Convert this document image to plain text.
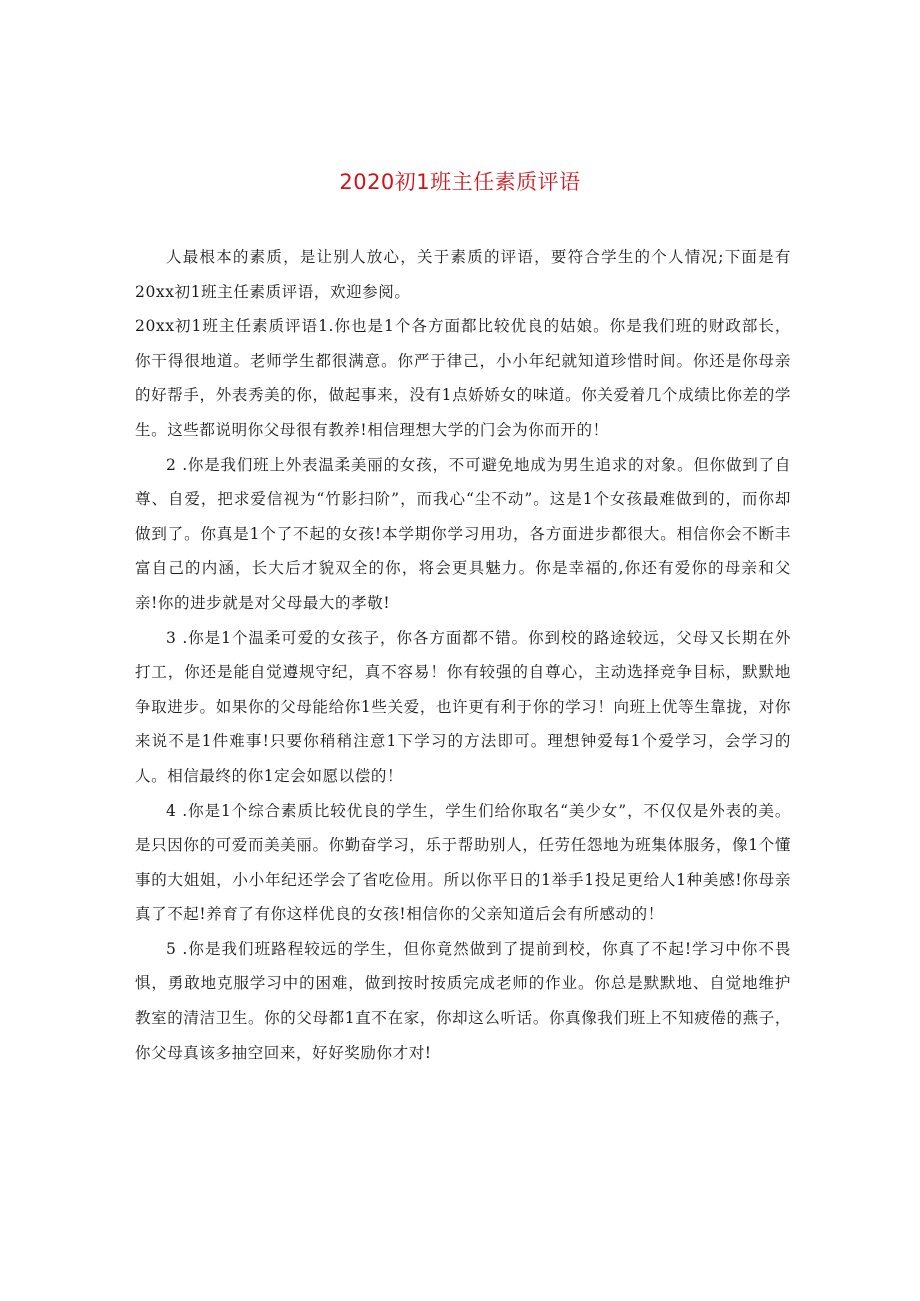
2020初1班主任素质评语

人最根本的素质，是让别人放心，关于素质的评语，要符合学生的个人情况;下面是有20xx初1班主任素质评语，欢迎参阅。

20xx初1班主任素质评语1.你也是1个各方面都比较优良的姑娘。你是我们班的财政部长，你干得很地道。老师学生都很满意。你严于律己，小小年纪就知道珍惜时间。你还是你母亲的好帮手，外表秀美的你，做起事来，没有1点娇娇女的味道。你关爱着几个成绩比你差的学生。这些都说明你父母很有教养!相信理想大学的门会为你而开的！

2 .你是我们班上外表温柔美丽的女孩，不可避免地成为男生追求的对象。但你做到了自尊、自爱，把求爱信视为“竹影扫阶”，而我心“尘不动”。这是1个女孩最难做到的，而你却做到了。你真是1个了不起的女孩!本学期你学习用功，各方面进步都很大。相信你会不断丰富自己的内涵，长大后才貌双全的你，将会更具魅力。你是幸福的,你还有爱你的母亲和父亲!你的进步就是对父母最大的孝敬!

3 .你是1个温柔可爱的女孩子，你各方面都不错。你到校的路途较远，父母又长期在外打工，你还是能自觉遵规守纪，真不容易！你有较强的自尊心，主动选择竞争目标，默默地争取进步。如果你的父母能给你1些关爱，也许更有利于你的学习！向班上优等生靠拢，对你来说不是1件难事!只要你稍稍注意1下学习的方法即可。理想钟爱每1个爱学习，会学习的人。相信最终的你1定会如愿以偿的！

4 .你是1个综合素质比较优良的学生，学生们给你取名“美少女”，不仅仅是外表的美。是只因你的可爱而美美丽。你勤奋学习，乐于帮助别人，任劳任怨地为班集体服务，像1个懂事的大姐姐，小小年纪还学会了省吃俭用。所以你平日的1举手1投足更给人1种美感!你母亲真了不起!养育了有你这样优良的女孩!相信你的父亲知道后会有所感动的！

5 .你是我们班路程较远的学生，但你竟然做到了提前到校，你真了不起!学习中你不畏惧，勇敢地克服学习中的困难，做到按时按质完成老师的作业。你总是默默地、自觉地维护教室的清洁卫生。你的父母都1直不在家，你却这么听话。你真像我们班上不知疲倦的燕子，你父母真该多抽空回来，好好奖励你才对!
